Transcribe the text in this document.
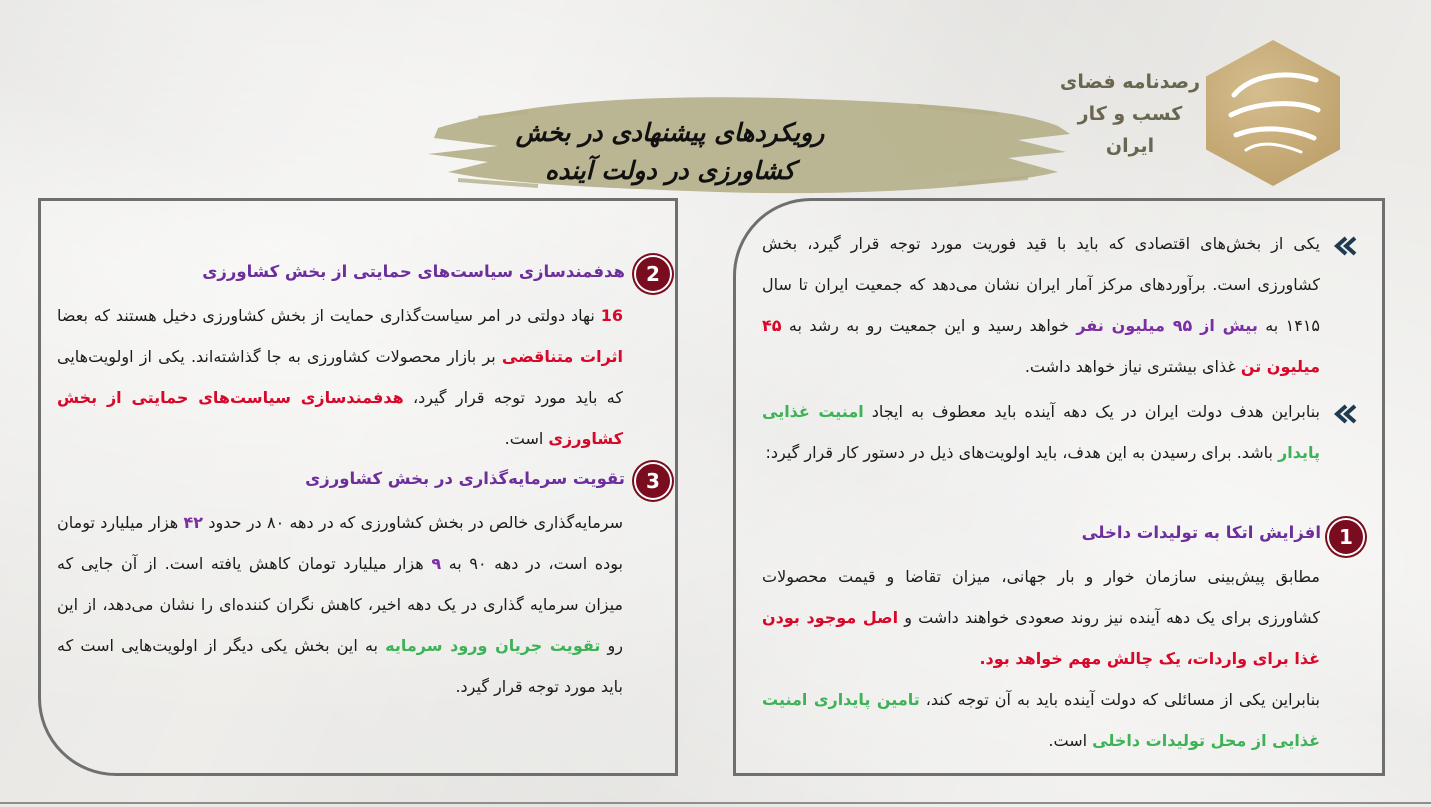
رصدنامه فضای
کسب و کار
ایران
رویکردهای پیشنهادی در بخش
کشاورزی در دولت آینده
یکی از بخش‌های اقتصادی که باید با قید فوریت مورد توجه قرار گیرد، بخش کشاورزی است. برآوردهای مرکز آمار ایران نشان می‌دهد که جمعیت ایران تا سال ۱۴۱۵ به بیش از ۹۵ میلیون نفر خواهد رسید و این جمعیت رو به رشد به ۴۵ میلیون تن غذای بیشتری نیاز خواهد داشت.
بنابراین هدف دولت ایران در یک دهه آینده باید معطوف به ایجاد امنیت غذایی پایدار باشد. برای رسیدن به این هدف، باید اولویت‌های ذیل در دستور کار قرار گیرد:
1
افزایش اتکا به تولیدات داخلی
مطابق پیش‌بینی سازمان خوار و بار جهانی، میزان تقاضا و قیمت محصولات کشاورزی برای یک دهه آینده نیز روند صعودی خواهند داشت و اصل موجود بودن غذا برای واردات، یک چالش مهم خواهد بود.
بنابراین یکی از مسائلی که دولت آینده باید به آن توجه کند، تامین پایداری امنیت غذایی از محل تولیدات داخلی است.
2
هدفمندسازی سیاست‌های حمایتی از بخش کشاورزی
16 نهاد دولتی در امر سیاست‌گذاری حمایت از بخش کشاورزی دخیل هستند که بعضا اثرات متناقضی بر بازار محصولات کشاورزی به جا گذاشته‌اند. یکی از اولویت‌هایی که باید مورد توجه قرار گیرد، هدفمندسازی سیاست‌های حمایتی از بخش کشاورزی است.
3
تقویت سرمایه‌گذاری در بخش کشاورزی
سرمایه‌گذاری خالص در بخش کشاورزی که در دهه ۸۰ در حدود ۴۲ هزار میلیارد تومان بوده است، در دهه ۹۰ به ۹ هزار میلیارد تومان کاهش یافته است. از آن جایی که میزان سرمایه گذاری در یک دهه اخیر، کاهش نگران کننده‌ای را نشان می‌دهد، از این رو تقویت جریان ورود سرمایه به این بخش یکی دیگر از اولویت‌هایی است که باید مورد توجه قرار گیرد.
